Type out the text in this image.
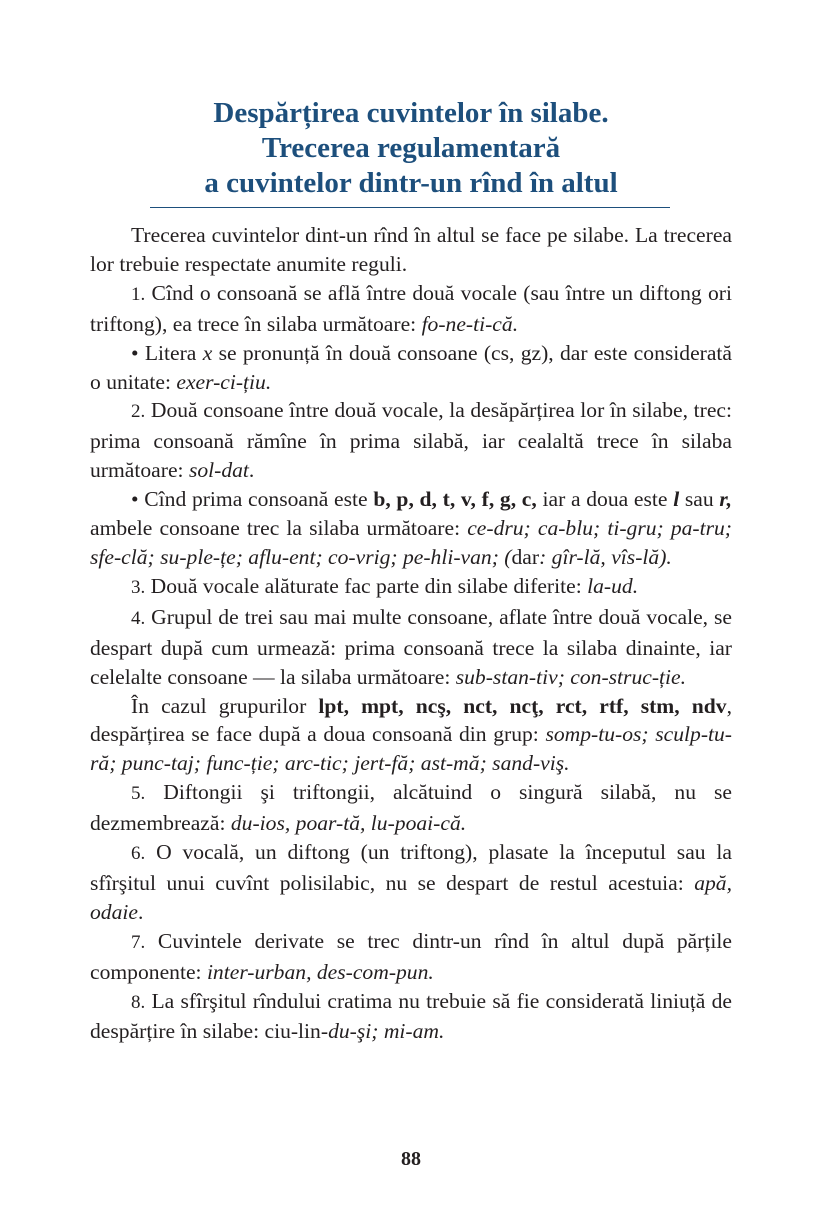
Despărțirea cuvintelor în silabe.
Trecerea regulamentară
a cuvintelor dintr-un rînd în altul

Trecerea cuvintelor dint-un rînd în altul se face pe silabe. La trecerea lor trebuie respectate anumite reguli.

1. Cînd o consoană se află între două vocale (sau între un diftong ori triftong), ea trece în silaba următoare: fo-ne-ti-că.

• Litera x se pronunță în două consoane (cs, gz), dar este considerată o unitate: exer-ci-țiu.

2. Două consoane între două vocale, la desăpărțirea lor în silabe, trec: prima consoană rămîne în prima silabă, iar cealaltă trece în silaba următoare: sol-dat.

• Cînd prima consoană este b, p, d, t, v, f, g, c, iar a doua este l sau r, ambele consoane trec la silaba următoare: ce-dru; ca-blu; ti-gru; pa-tru; sfe-clă; su-ple-țe; aflu-ent; co-vrig; pe-hli-van; (dar: gîr-lă, vîs-lă).

3. Două vocale alăturate fac parte din silabe diferite: la-ud.

4. Grupul de trei sau mai multe consoane, aflate între două vocale, se despart după cum urmează: prima consoană trece la silaba dinainte, iar celelalte consoane — la silaba următoare: sub-stan-tiv; con-struc-ție.

În cazul grupurilor lpt, mpt, ncş, nct, ncţ, rct, rtf, stm, ndv, despărțirea se face după a doua consoană din grup: somp-tu-os; sculp-tu-ră; punc-taj; func-ție; arc-tic; jert-fă; ast-mă; sand-viş.

5. Diftongii şi triftongii, alcătuind o singură silabă, nu se dezmembrează: du-ios, poar-tă, lu-poai-că.

6. O vocală, un diftong (un triftong), plasate la începutul sau la sfîrşitul unui cuvînt polisilabic, nu se despart de restul acestuia: apă, odaie.

7. Cuvintele derivate se trec dintr-un rînd în altul după părțile componente: inter-urban, des-com-pun.

8. La sfîrşitul rîndului cratima nu trebuie să fie considerată liniuță de despărțire în silabe: ciu-lin-du-şi; mi-am.

88
